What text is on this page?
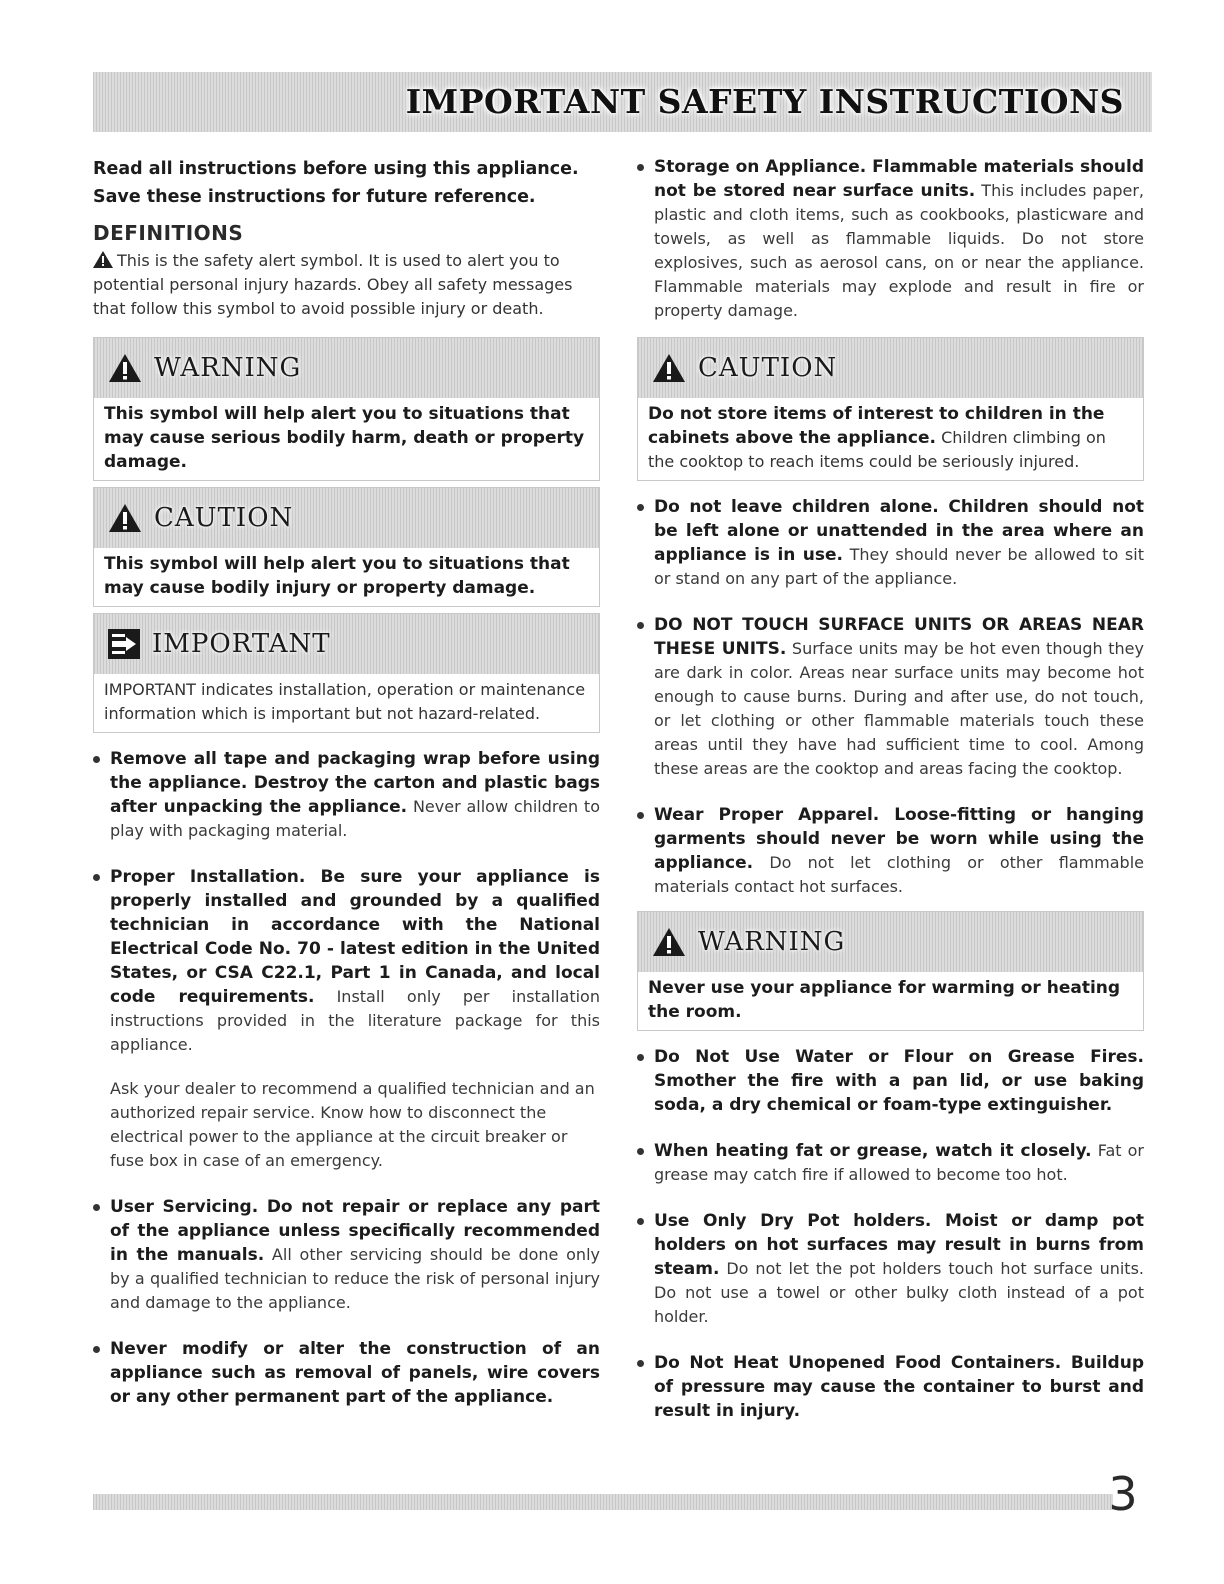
IMPORTANT SAFETY INSTRUCTIONS

Read all instructions before using this appliance.

Save these instructions for future reference.

DEFINITIONS

This is the safety alert symbol. It is used to alert you to potential personal injury hazards. Obey all safety messages that follow this symbol to avoid possible injury or death.

WARNING

This symbol will help alert you to situations that may cause serious bodily harm, death or property damage.

CAUTION

This symbol will help alert you to situations that may cause bodily injury or property damage.

IMPORTANT

IMPORTANT indicates installation, operation or maintenance information which is important but not hazard-related.

Remove all tape and packaging wrap before using the appliance. Destroy the carton and plastic bags after unpacking the appliance. Never allow children to play with packaging material.
Proper Installation. Be sure your appliance is properly installed and grounded by a qualified technician in accordance with the National Electrical Code No. 70 - latest edition in the United States, or CSA C22.1, Part 1 in Canada, and local code requirements. Install only per installation instructions provided in the literature package for this appliance.

Ask your dealer to recommend a qualified technician and an authorized repair service. Know how to disconnect the electrical power to the appliance at the circuit breaker or fuse box in case of an emergency.

User Servicing. Do not repair or replace any part of the appliance unless specifically recommended in the manuals. All other servicing should be done only by a qualified technician to reduce the risk of personal injury and damage to the appliance.
Never modify or alter the construction of an appliance such as removal of panels, wire covers or any other permanent part of the appliance.
Storage on Appliance. Flammable materials should not be stored near surface units. This includes paper, plastic and cloth items, such as cookbooks, plasticware and towels, as well as flammable liquids. Do not store explosives, such as aerosol cans, on or near the appliance. Flammable materials may explode and result in fire or property damage.
CAUTION

Do not store items of interest to children in the cabinets above the appliance. Children climbing on the cooktop to reach items could be seriously injured.

Do not leave children alone. Children should not be left alone or unattended in the area where an appliance is in use. They should never be allowed to sit or stand on any part of the appliance.
DO NOT TOUCH SURFACE UNITS OR AREAS NEAR THESE UNITS. Surface units may be hot even though they are dark in color. Areas near surface units may become hot enough to cause burns. During and after use, do not touch, or let clothing or other flammable materials touch these areas until they have had sufficient time to cool. Among these areas are the cooktop and areas facing the cooktop.
Wear Proper Apparel. Loose-fitting or hanging garments should never be worn while using the appliance. Do not let clothing or other flammable materials contact hot surfaces.
WARNING

Never use your appliance for warming or heating the room.

Do Not Use Water or Flour on Grease Fires. Smother the fire with a pan lid, or use baking soda, a dry chemical or foam-type extinguisher.
When heating fat or grease, watch it closely. Fat or grease may catch fire if allowed to become too hot.
Use Only Dry Pot holders. Moist or damp pot holders on hot surfaces may result in burns from steam. Do not let the pot holders touch hot surface units. Do not use a towel or other bulky cloth instead of a pot holder.
Do Not Heat Unopened Food Containers. Buildup of pressure may cause the container to burst and result in injury.
3
